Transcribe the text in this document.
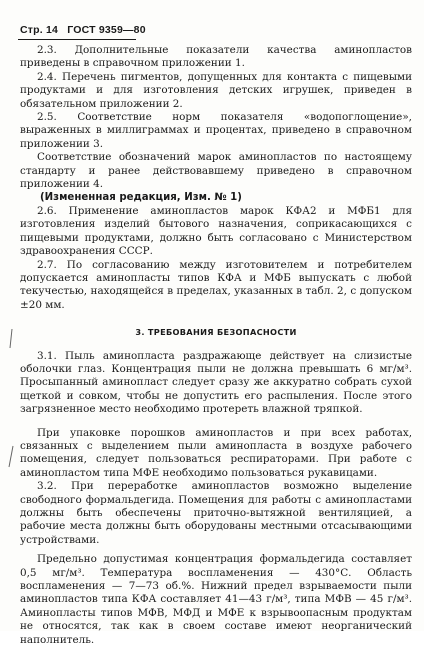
Стр. 14 ГОСТ 9359—80

2.3. Дополнительные показатели качества аминопластов приведены в справочном приложении 1.

2.4. Перечень пигментов, допущенных для контакта с пищевыми продуктами и для изготовления детских игрушек, приведен в обязательном приложении 2.

2.5. Соответствие норм показателя «водопоглощение», выраженных в миллиграммах и процентах, приведено в справочном приложении 3.

Соответствие обозначений марок аминопластов по настоящему стандарту и ранее действовавшему приведено в справочном приложении 4.

(Измененная редакция, Изм. № 1)

2.6. Применение аминопластов марок КФА2 и МФБ1 для изготовления изделий бытового назначения, соприкасающихся с пищевыми продуктами, должно быть согласовано с Министерством здравоохранения СССР.

2.7. По согласованию между изготовителем и потребителем допускается аминопласты типов КФА и МФБ выпускать с любой текучестью, находящейся в пределах, указанных в табл. 2, с допуском ±20 мм.

3. ТРЕБОВАНИЯ БЕЗОПАСНОСТИ

3.1. Пыль аминопласта раздражающе действует на слизистые оболочки глаз. Концентрация пыли не должна превышать 6 мг/м³. Просыпанный аминопласт следует сразу же аккуратно собрать сухой щеткой и совком, чтобы не допустить его распыления. После этого загрязненное место необходимо протереть влажной тряпкой.

При упаковке порошков аминопластов и при всех работах, связанных с выделением пыли аминопласта в воздухе рабочего помещения, следует пользоваться респираторами. При работе с аминопластом типа МФЕ необходимо пользоваться рукавицами.

3.2. При переработке аминопластов возможно выделение свободного формальдегида. Помещения для работы с аминопластами должны быть обеспечены приточно-вытяжной вентиляцией, а рабочие места должны быть оборудованы местными отсасывающими устройствами.

Предельно допустимая концентрация формальдегида составляет 0,5 мг/м³. Температура воспламенения — 430°С. Область воспламенения — 7—73 об.%. Нижний предел взрываемости пыли аминопластов типа КФА составляет 41—43 г/м³, типа МФВ — 45 г/м³. Аминопласты типов МФВ, МФД и МФЕ к взрывоопасным продуктам не относятся, так как в своем составе имеют неорганический наполнитель.
